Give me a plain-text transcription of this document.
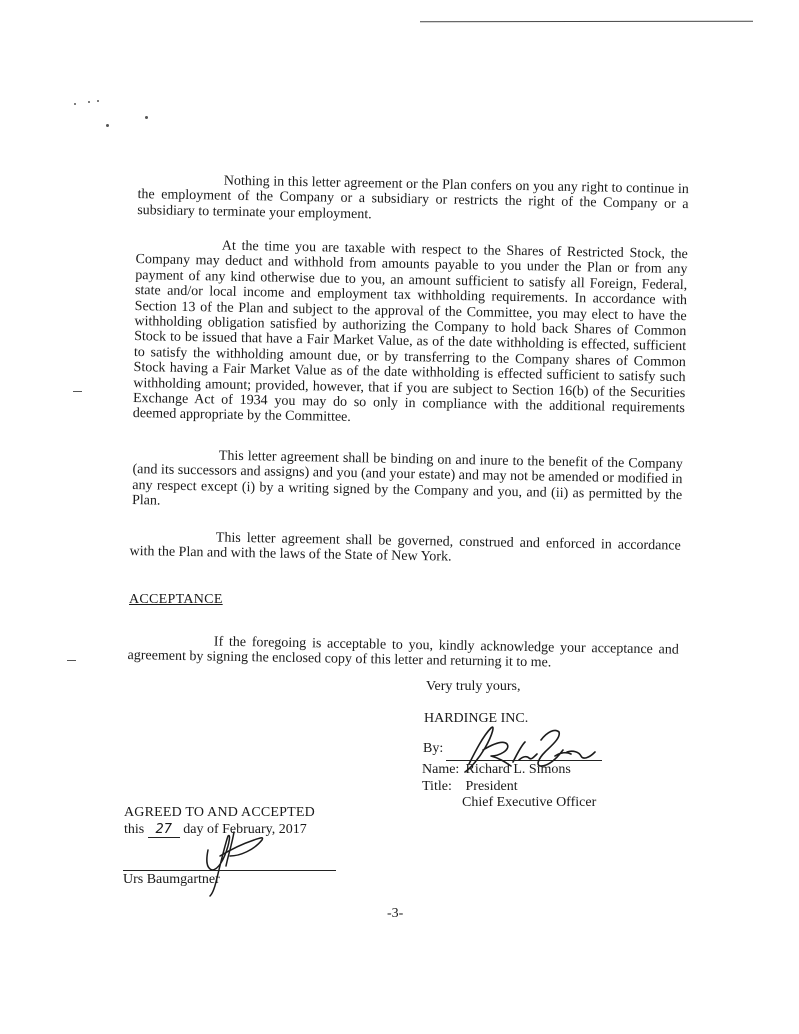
Nothing in this letter agreement or the Plan confers on you any right to continue in the employment of the Company or a subsidiary or restricts the right of the Company or a subsidiary to terminate your employment.

At the time you are taxable with respect to the Shares of Restricted Stock, the Company may deduct and withhold from amounts payable to you under the Plan or from any payment of any kind otherwise due to you, an amount sufficient to satisfy all Foreign, Federal, state and/or local income and employment tax withholding requirements. In accordance with Section 13 of the Plan and subject to the approval of the Committee, you may elect to have the withholding obligation satisfied by authorizing the Company to hold back Shares of Common Stock to be issued that have a Fair Market Value, as of the date withholding is effected, sufficient to satisfy the withholding amount due, or by transferring to the Company shares of Common Stock having a Fair Market Value as of the date withholding is effected sufficient to satisfy such withholding amount; provided, however, that if you are subject to Section 16(b) of the Securities Exchange Act of 1934 you may do so only in compliance with the additional requirements deemed appropriate by the Committee.

This letter agreement shall be binding on and inure to the benefit of the Company (and its successors and assigns) and you (and your estate) and may not be amended or modified in any respect except (i) by a writing signed by the Company and you, and (ii) as permitted by the Plan.

This letter agreement shall be governed, construed and enforced in accordance with the Plan and with the laws of the State of New York.

ACCEPTANCE

If the foregoing is acceptable to you, kindly acknowledge your acceptance and agreement by signing the enclosed copy of this letter and returning it to me.

Very truly yours,

HARDINGE INC.

By:
Name: Richard L. Simons
Title: President
Chief Executive Officer

AGREED TO AND ACCEPTED

this 27 day of February, 2017
Urs Baumgartner
-3-
